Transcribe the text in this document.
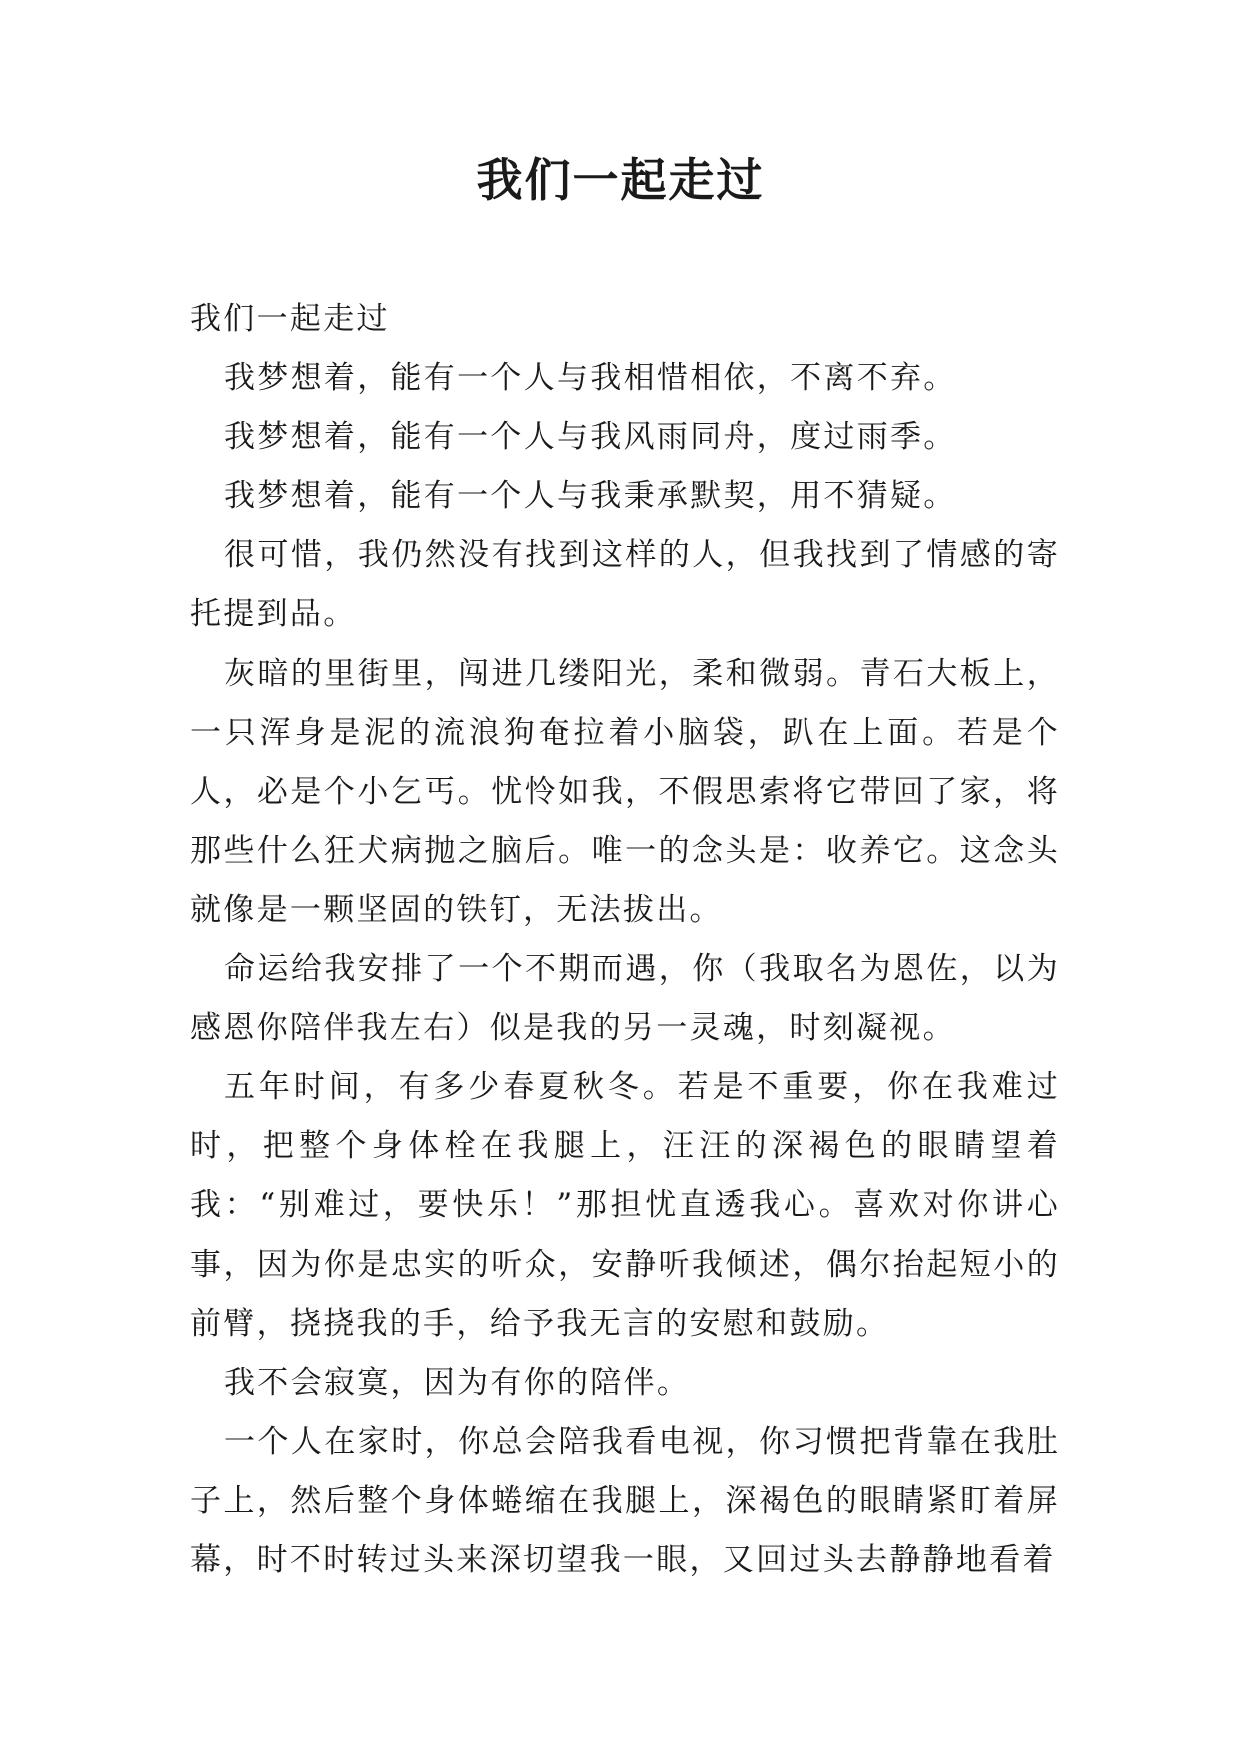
我们一起走过

我们一起走过

我梦想着，能有一个人与我相惜相依，不离不弃。

我梦想着，能有一个人与我风雨同舟，度过雨季。

我梦想着，能有一个人与我秉承默契，用不猜疑。

很可惜，我仍然没有找到这样的人，但我找到了情感的寄托提到品。

灰暗的里街里，闯进几缕阳光，柔和微弱。青石大板上，一只浑身是泥的流浪狗奄拉着小脑袋，趴在上面。若是个人，必是个小乞丐。忧怜如我，不假思索将它带回了家，将那些什么狂犬病抛之脑后。唯一的念头是：收养它。这念头就像是一颗坚固的铁钉，无法拔出。

命运给我安排了一个不期而遇，你（我取名为恩佐，以为感恩你陪伴我左右）似是我的另一灵魂，时刻凝视。

五年时间，有多少春夏秋冬。若是不重要，你在我难过时，把整个身体栓在我腿上，汪汪的深褐色的眼睛望着我：“别难过，要快乐！”那担忧直透我心。喜欢对你讲心事，因为你是忠实的听众，安静听我倾述，偶尔抬起短小的前臂，挠挠我的手，给予我无言的安慰和鼓励。

我不会寂寞，因为有你的陪伴。

一个人在家时，你总会陪我看电视，你习惯把背靠在我肚子上，然后整个身体蜷缩在我腿上，深褐色的眼睛紧盯着屏幕，时不时转过头来深切望我一眼，又回过头去静静地看着
